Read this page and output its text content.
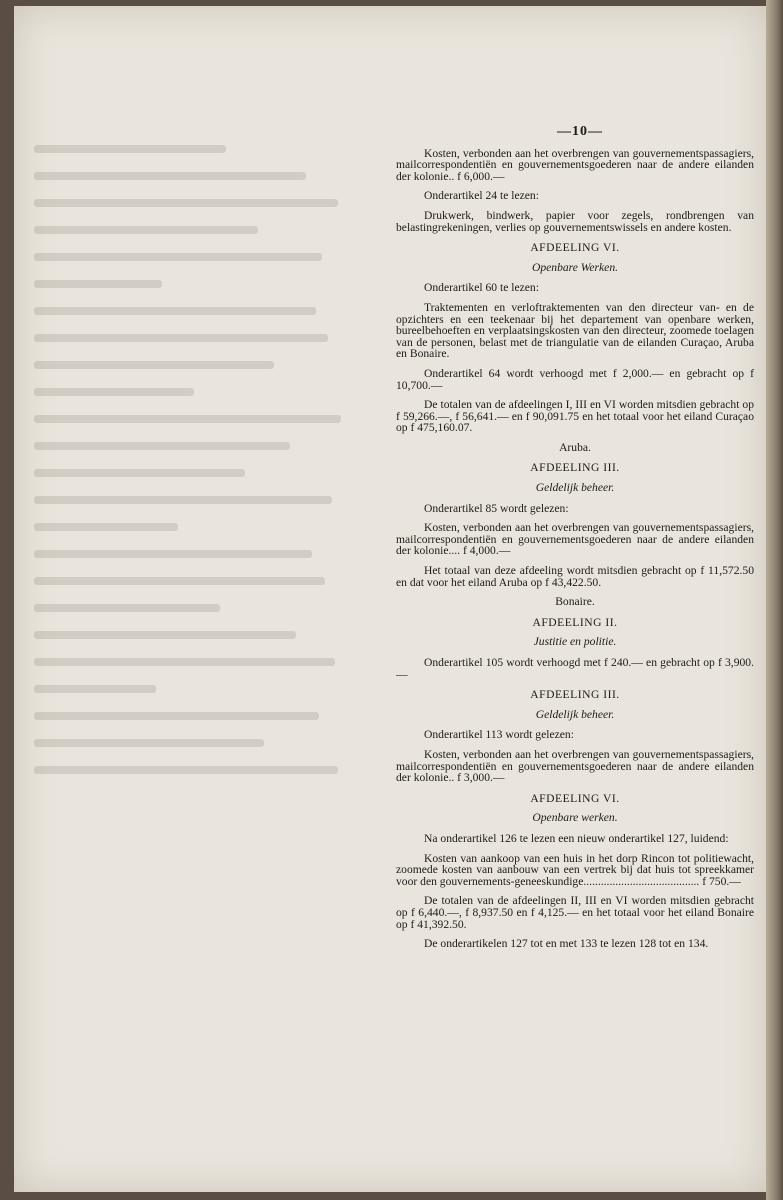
—10—

Kosten, verbonden aan het overbrengen van gouvernementspassagiers, mailcorrespondentiën en gouvernementsgoederen naar de andere eilanden der kolonie.. f 6,000.—

Onderartikel 24 te lezen:

Drukwerk, bindwerk, papier voor zegels, rondbrengen van belastingrekeningen, verlies op gouvernementswissels en andere kosten.

AFDEELING VI.
Openbare Werken.

Onderartikel 60 te lezen:

Traktementen en verloftraktementen van den directeur van- en de opzichters en een teekenaar bij het departement van openbare werken, bureelbehoeften en verplaatsingskosten van den directeur, zoomede toelagen van de personen, belast met de triangulatie van de eilanden Curaçao, Aruba en Bonaire.

Onderartikel 64 wordt verhoogd met f 2,000.— en gebracht op f 10,700.—

De totalen van de afdeelingen I, III en VI worden mitsdien gebracht op f 59,266.—, f 56,641.— en f 90,091.75 en het totaal voor het eiland Curaçao op f 475,160.07.

Aruba.
AFDEELING III.
Geldelijk beheer.

Onderartikel 85 wordt gelezen:

Kosten, verbonden aan het overbrengen van gouvernementspassagiers, mailcorrespondentiën en gouvernementsgoederen naar de andere eilanden der kolonie.... f 4,000.—

Het totaal van deze afdeeling wordt mitsdien gebracht op f 11,572.50 en dat voor het eiland Aruba op f 43,422.50.

Bonaire.
AFDEELING II.
Justitie en politie.

Onderartikel 105 wordt verhoogd met f 240.— en gebracht op f 3,900.—

AFDEELING III.
Geldelijk beheer.

Onderartikel 113 wordt gelezen:

Kosten, verbonden aan het overbrengen van gouvernementspassagiers, mailcorrespondentiën en gouvernementsgoederen naar de andere eilanden der kolonie.. f 3,000.—

AFDEELING VI.
Openbare werken.

Na onderartikel 126 te lezen een nieuw onderartikel 127, luidend:

Kosten van aankoop van een huis in het dorp Rincon tot politiewacht, zoomede kosten van aanbouw van een vertrek bij dat huis tot spreekkamer voor den gouvernements-geneeskundige........................................ f 750.—

De totalen van de afdeelingen II, III en VI worden mitsdien gebracht op f 6,440.—, f 8,937.50 en f 4,125.— en het totaal voor het eiland Bonaire op f 41,392.50.

De onderartikelen 127 tot en met 133 te lezen 128 tot en 134.
